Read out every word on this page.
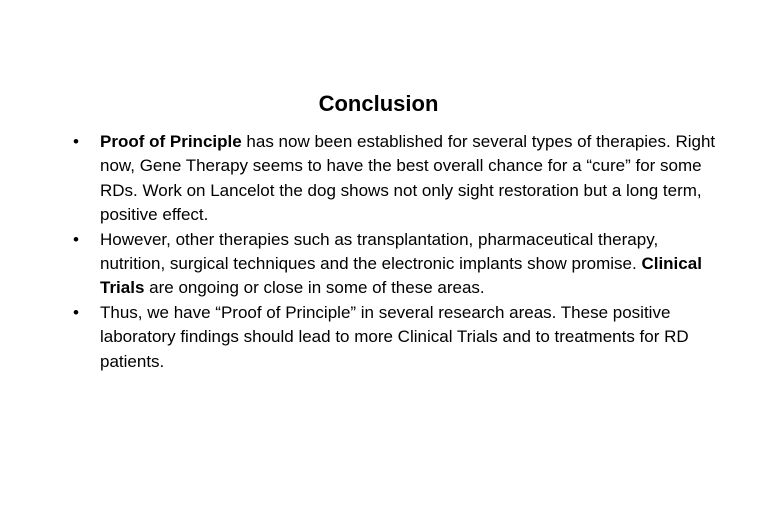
Conclusion
• Proof of Principle has now been established for several types of therapies. Right now, Gene Therapy seems to have the best overall chance for a “cure” for some RDs. Work on Lancelot the dog shows not only sight restoration but a long term, positive effect.
• However, other therapies such as transplantation, pharmaceutical therapy, nutrition, surgical techniques and the electronic implants show promise. Clinical Trials are ongoing or close in some of these areas.
• Thus, we have “Proof of Principle” in several research areas. These positive laboratory findings should lead to more Clinical Trials and to treatments for RD patients.
